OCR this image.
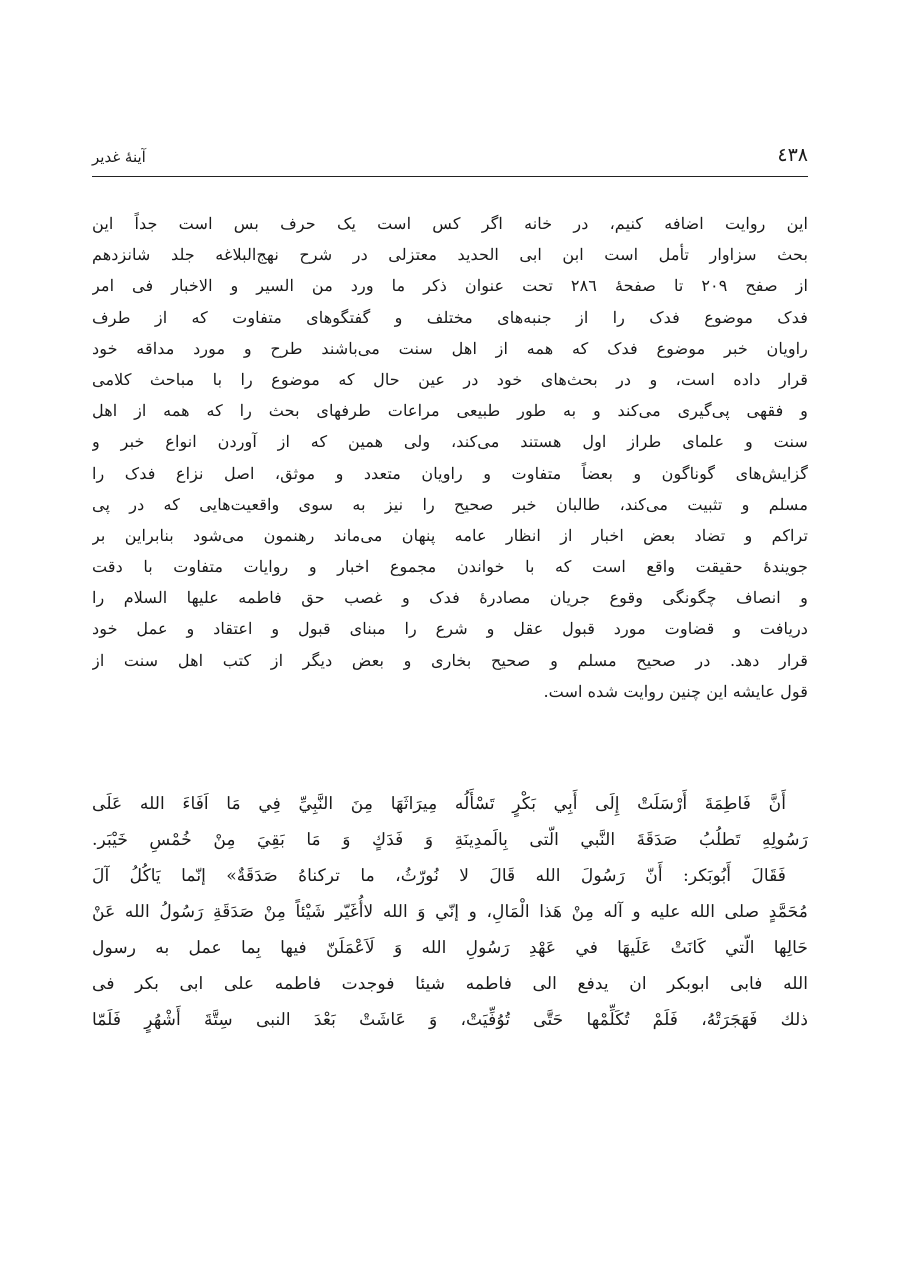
٤٣٨
آینهٔ غدیر
این روایت اضافه کنیم، در خانه اگر کس است یک حرف بس است جداً این
بحث سزاوار تأمل است ابن ابی الحدید معتزلی در شرح نهج‌البلاغه جلد شانزدهم
از صفح ٢٠٩ تا صفحهٔ ٢٨٦ تحت عنوان ذکر ما ورد من السیر و الاخبار فی امر
فدک موضوع فدک را از جنبه‌های مختلف و گفتگوهای متفاوت که از طرف
راویان خبر موضوع فدک که همه از اهل سنت می‌باشند طرح و مورد مداقه خود
قرار داده است، و در بحث‌های خود در عین حال که موضوع را با مباحث کلامی
و فقهی پی‌گیری می‌کند و به طور طبیعی مراعات طرفهای بحث را که همه از اهل
سنت و علمای طراز اول هستند می‌کند، ولی همین که از آوردن انواع خبر و
گزایش‌های گوناگون و بعضاً متفاوت و راویان متعدد و موثق، اصل نزاع فدک را
مسلم و تثبیت می‌کند، طالبان خبر صحیح را نیز به سوی واقعیت‌هایی که در پی
تراکم و تضاد بعض اخبار از انظار عامه پنهان می‌ماند رهنمون می‌شود بنابراین بر
جویندهٔ حقیقت واقع است که با خواندن مجموع اخبار و روایات متفاوت با دقت
و انصاف چگونگی وقوع جریان مصادرهٔ فدک و غصب حق فاطمه علیها السلام را
دریافت و قضاوت مورد قبول عقل و شرع را مبنای قبول و اعتقاد و عمل خود
قرار دهد. در صحیح مسلم و صحیح بخاری و بعض دیگر از کتب اهل سنت از
قول عایشه این چنین روایت شده است.
أَنَّ فَاطِمَةَ أَرْسَلَتْ إِلَی أَبِي بَكْرٍ تَسْأَلُه مِيرَاثَهَا مِنَ النَّبِيِّ فِي مَا اَفَاءَ الله عَلَی
رَسُولِهِ تَطلُبُ صَدَقَةَ النَّبي الّتی بِالَمدِينَةِ وَ فَدَكٍ وَ مَا بَقِيَ مِنْ خُمْسِ خَيْبَر.
فَقَالَ أَبُوبَكر: أَنّ رَسُولَ الله قَالَ لا نُورّثُ، ما تركناهُ صَدَقَةٌ» إنّما يَاكُلُ آلَ
مُحَمَّدٍ صلی الله علیه و آله مِنْ هَذا الْمَالِ، و إنّي وَ الله لاأُغَيّر شَيْئاً مِنْ صَدَقَةِ رَسُولُ الله عَنْ
حَالِها الّتي كَانَتْ عَلَيهَا في عَهْدِ رَسُولِ الله وَ لَاَعْمَلَنّ فيها بِما عمل به رسول
الله فابی ابوبكر ان يدفع الی فاطمه شيئا فوجدت فاطمه علی ابی بكر فی
ذلك فَهَجَرَتْهُ، فَلَمْ تُكَلِّمْها حَتَّی تُوُفِّيَتْ، وَ عَاشَتْ بَعْدَ النبی سِتَّةَ أَشْهُرٍ فَلَمّا
